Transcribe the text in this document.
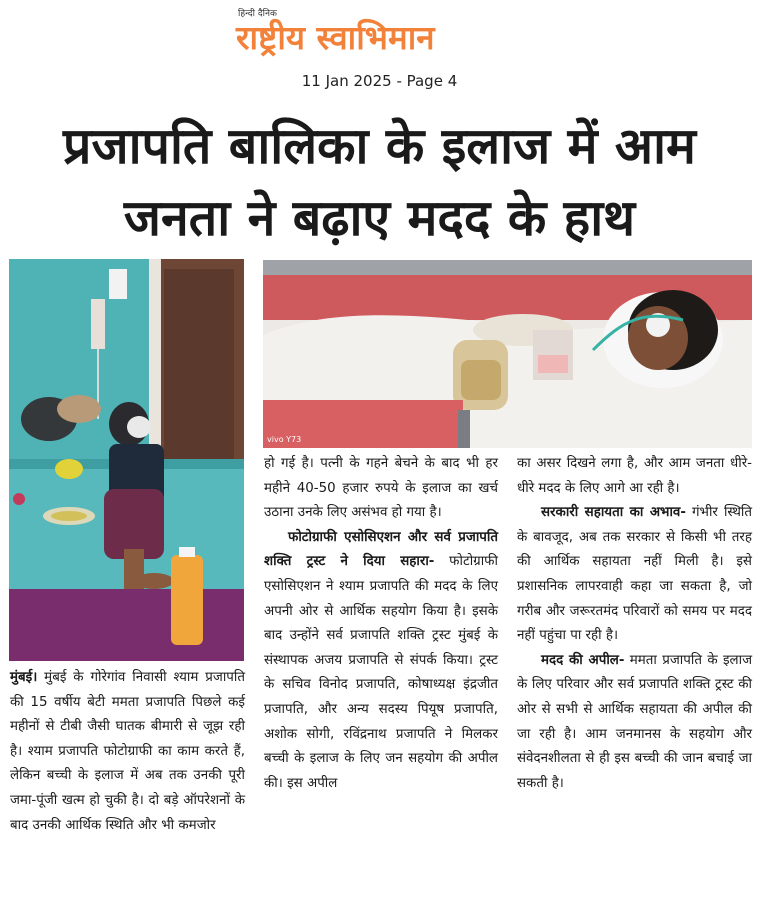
हिन्दी दैनिक
राष्ट्रीय स्वाभिमान
11 Jan 2025 - Page 4
प्रजापति बालिका के इलाज में आम
जनता ने बढ़ाए मदद के हाथ
vivo Y73

मुंबई। मुंबई के गोरेगांव निवासी श्याम प्रजापति की 15 वर्षीय बेटी ममता प्रजापति पिछले कई महीनों से टीबी जैसी घातक बीमारी से जूझ रही है। श्याम प्रजापति फोटोग्राफी का काम करते हैं, लेकिन बच्ची के इलाज में अब तक उनकी पूरी जमा-पूंजी खत्म हो चुकी है। दो बड़े ऑपरेशनों के बाद उनकी आर्थिक स्थिति और भी कमजोर

हो गई है। पत्नी के गहने बेचने के बाद भी हर महीने 40-50 हजार रुपये के इलाज का खर्च उठाना उनके लिए असंभव हो गया है।

फोटोग्राफी एसोसिएशन और सर्व प्रजापति शक्ति ट्रस्ट ने दिया सहारा- फोटोग्राफी एसोसिएशन ने श्याम प्रजापति की मदद के लिए अपनी ओर से आर्थिक सहयोग किया है। इसके बाद उन्होंने सर्व प्रजापति शक्ति ट्रस्ट मुंबई के संस्थापक अजय प्रजापति से संपर्क किया। ट्रस्ट के सचिव विनोद प्रजापति, कोषाध्यक्ष इंद्रजीत प्रजापति, और अन्य सदस्य पियूष प्रजापति, अशोक सोगी, रविंद्रनाथ प्रजापति ने मिलकर बच्ची के इलाज के लिए जन सहयोग की अपील की। इस अपील

का असर दिखने लगा है, और आम जनता धीरे-धीरे मदद के लिए आगे आ रही है।

सरकारी सहायता का अभाव- गंभीर स्थिति के बावजूद, अब तक सरकार से किसी भी तरह की आर्थिक सहायता नहीं मिली है। इसे प्रशासनिक लापरवाही कहा जा सकता है, जो गरीब और जरूरतमंद परिवारों को समय पर मदद नहीं पहुंचा पा रही है।

मदद की अपील- ममता प्रजापति के इलाज के लिए परिवार और सर्व प्रजापति शक्ति ट्रस्ट की ओर से सभी से आर्थिक सहायता की अपील की जा रही है। आम जनमानस के सहयोग और संवेदनशीलता से ही इस बच्ची की जान बचाई जा सकती है।
